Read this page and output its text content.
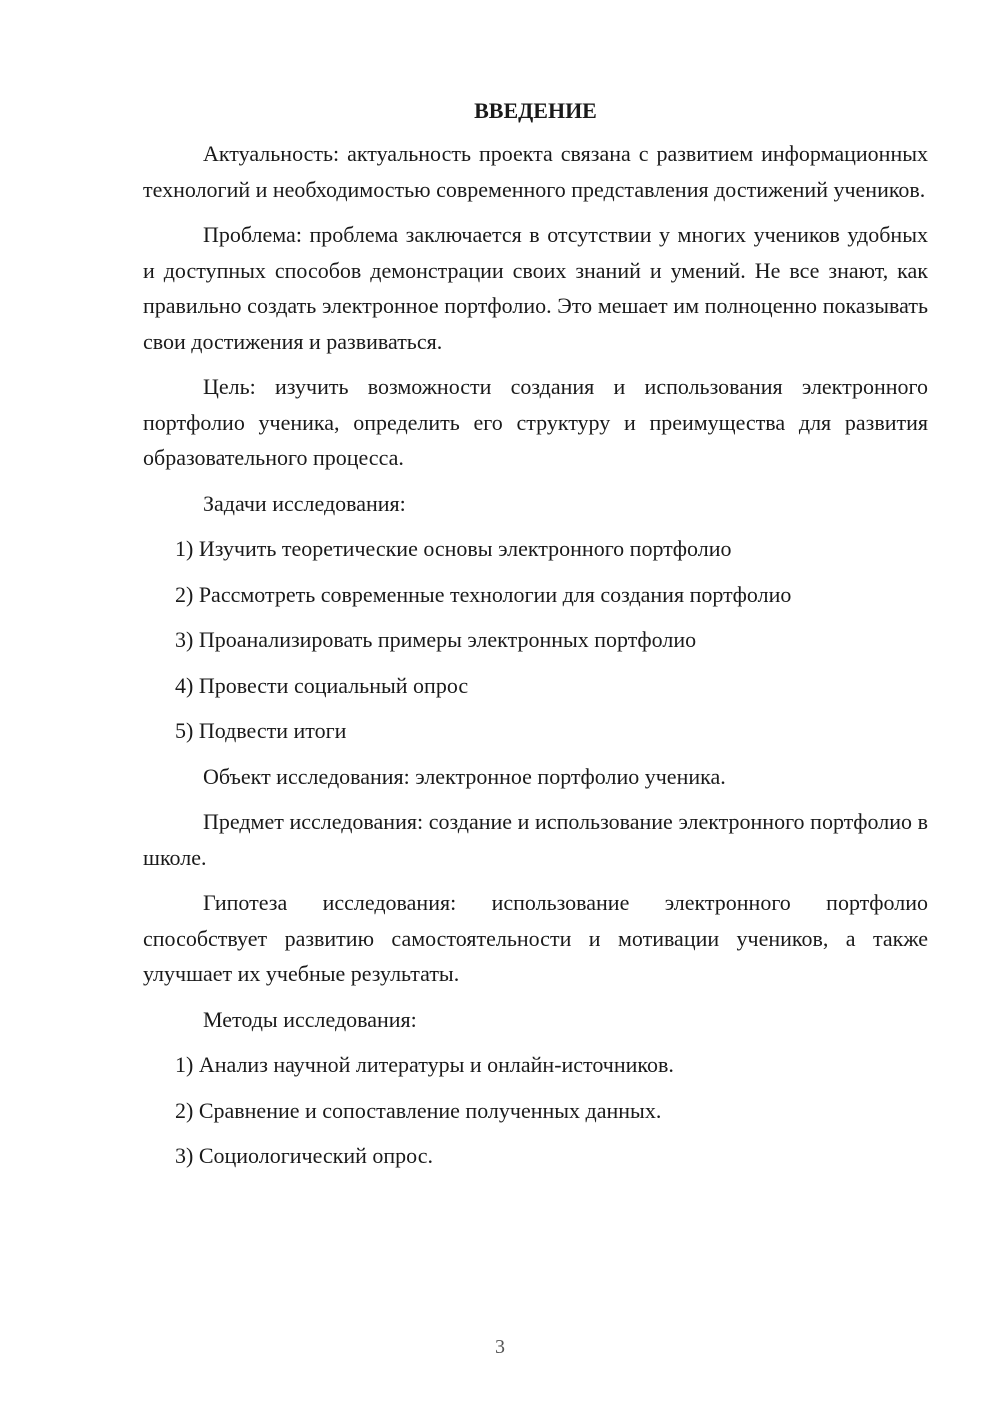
ВВЕДЕНИЕ

Актуальность: актуальность проекта связана с развитием информационных технологий и необходимостью современного представления достижений учеников.

Проблема: проблема заключается в отсутствии у многих учеников удобных и доступных способов демонстрации своих знаний и умений. Не все знают, как правильно создать электронное портфолио. Это мешает им полноценно показывать свои достижения и развиваться.

Цель: изучить возможности создания и использования электронного портфолио ученика, определить его структуру и преимущества для развития образовательного процесса.

Задачи исследования:

1) Изучить теоретические основы электронного портфолио
2) Рассмотреть современные технологии для создания портфолио
3) Проанализировать примеры электронных портфолио
4) Провести социальный опрос
5) Подвести итоги

Объект исследования: электронное портфолио ученика.

Предмет исследования: создание и использование электронного портфолио в школе.

Гипотеза исследования: использование электронного портфолио способствует развитию самостоятельности и мотивации учеников, а также улучшает их учебные результаты.

Методы исследования:

1) Анализ научной литературы и онлайн-источников.
2) Сравнение и сопоставление полученных данных.
3) Социологический опрос.
3
